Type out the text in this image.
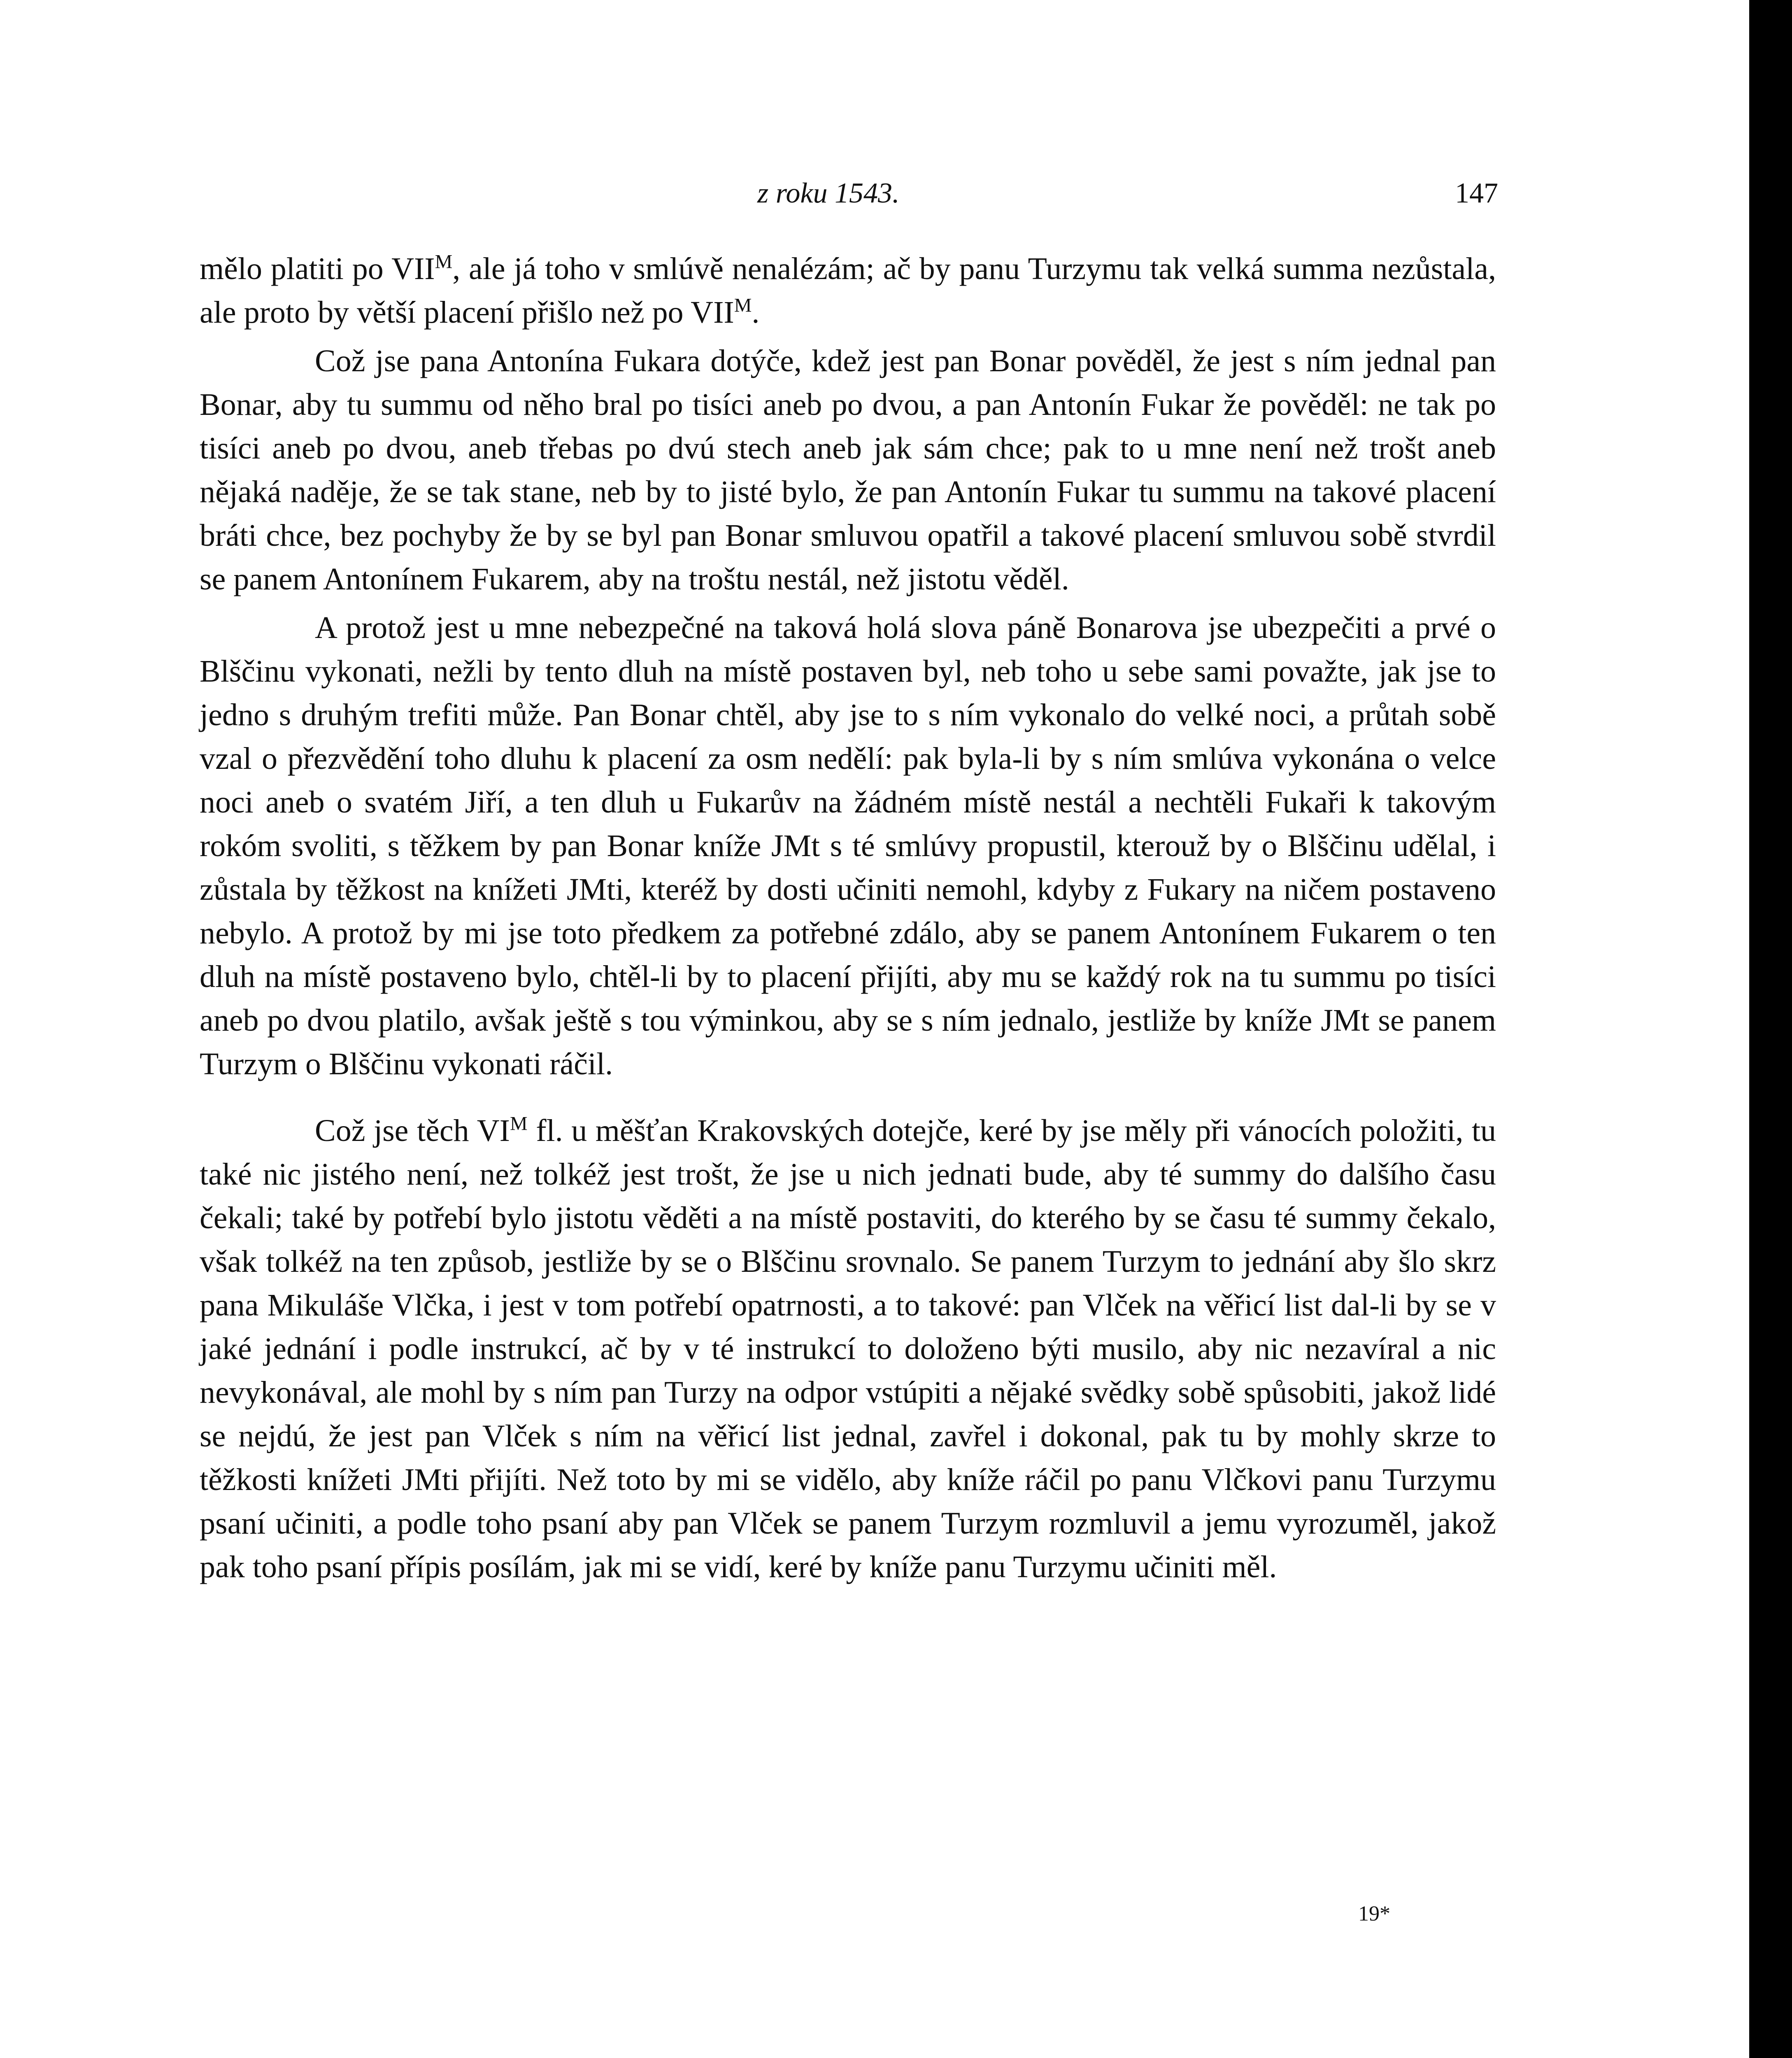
z roku 1543.	147

mělo platiti po $VII^M$, ale já toho v smlúvě nenalézám; ač by panu Turzymu tak velká summa nezůstala, ale proto by větší placení přišlo než po $VII^M$.

Což jse pana Antonína Fukara dotýče, kdež jest pan Bonar pověděl, že jest s ním jednal pan Bonar, aby tu summu od něho bral po tisíci aneb po dvou, a pan Antonín Fukar že pověděl: ne tak po tisíci aneb po dvou, aneb třebas po dvú stech aneb jak sám chce; pak to u mne není než trošt aneb nějaká naděje, že se tak stane, neb by to jisté bylo, že pan Antonín Fukar tu summu na takové placení bráti chce, bez pochyby že by se byl pan Bonar smluvou opatřil a takové placení smluvou sobě stvrdil se panem Antonínem Fukarem, aby na troštu nestál, než jistotu věděl.

A protož jest u mne nebezpečné na taková holá slova páně Bonarova jse ubezpečiti a prvé o Blščinu vykonati, nežli by tento dluh na místě postaven byl, neb toho u sebe sami považte, jak jse to jedno s druhým trefiti může. Pan Bonar chtěl, aby jse to s ním vykonalo do velké noci, a průtah sobě vzal o přezvědění toho dluhu k placení za osm nedělí: pak byla-li by s ním smlúva vykonána o velce noci aneb o svatém Jiří, a ten dluh u Fukarův na žádném místě nestál a nechtěli Fukaři k takovým rokóm svoliti, s těžkem by pan Bonar kníže JMt s té smlúvy propustil, kterouž by o Blščinu udělal, i zůstala by těžkost na knížeti JMti, kteréž by dosti učiniti nemohl, kdyby z Fukary na ničem postaveno nebylo. A protož by mi jse toto předkem za potřebné zdálo, aby se panem Antonínem Fukarem o ten dluh na místě postaveno bylo, chtěl-li by to placení přijíti, aby mu se každý rok na tu summu po tisíci aneb po dvou platilo, avšak ještě s tou výminkou, aby se s ním jednalo, jestliže by kníže JMt se panem Turzym o Blščinu vykonati ráčil.

Což jse těch $VI^M$ fl. u měšťan Krakovských dotejče, keré by jse měly při vánocích položiti, tu také nic jistého není, než tolkéž jest trošt, že jse u nich jednati bude, aby té summy do dalšího času čekali; také by potřebí bylo jistotu věděti a na místě postaviti, do kterého by se času té summy čekalo, však tolkéž na ten způsob, jestliže by se o Blščinu srovnalo. Se panem Turzym to jednání aby šlo skrz pana Mikuláše Vlčka, i jest v tom potřebí opatrnosti, a to takové: pan Vlček na věřicí list dal-li by se v jaké jednání i podle instrukcí, ač by v té instrukcí to doloženo býti musilo, aby nic nezavíral a nic nevykonával, ale mohl by s ním pan Turzy na odpor vstúpiti a nějaké svědky sobě spůsobiti, jakož lidé se nejdú, že jest pan Vlček s ním na věřicí list jednal, zavřel i dokonal, pak tu by mohly skrze to těžkosti knížeti JMti přijíti. Než toto by mi se vidělo, aby kníže ráčil po panu Vlčkovi panu Turzymu psaní učiniti, a podle toho psaní aby pan Vlček se panem Turzym rozmluvil a jemu vyrozuměl, jakož pak toho psaní přípis posílám, jak mi se vidí, keré by kníže panu Turzymu učiniti měl.

19*
